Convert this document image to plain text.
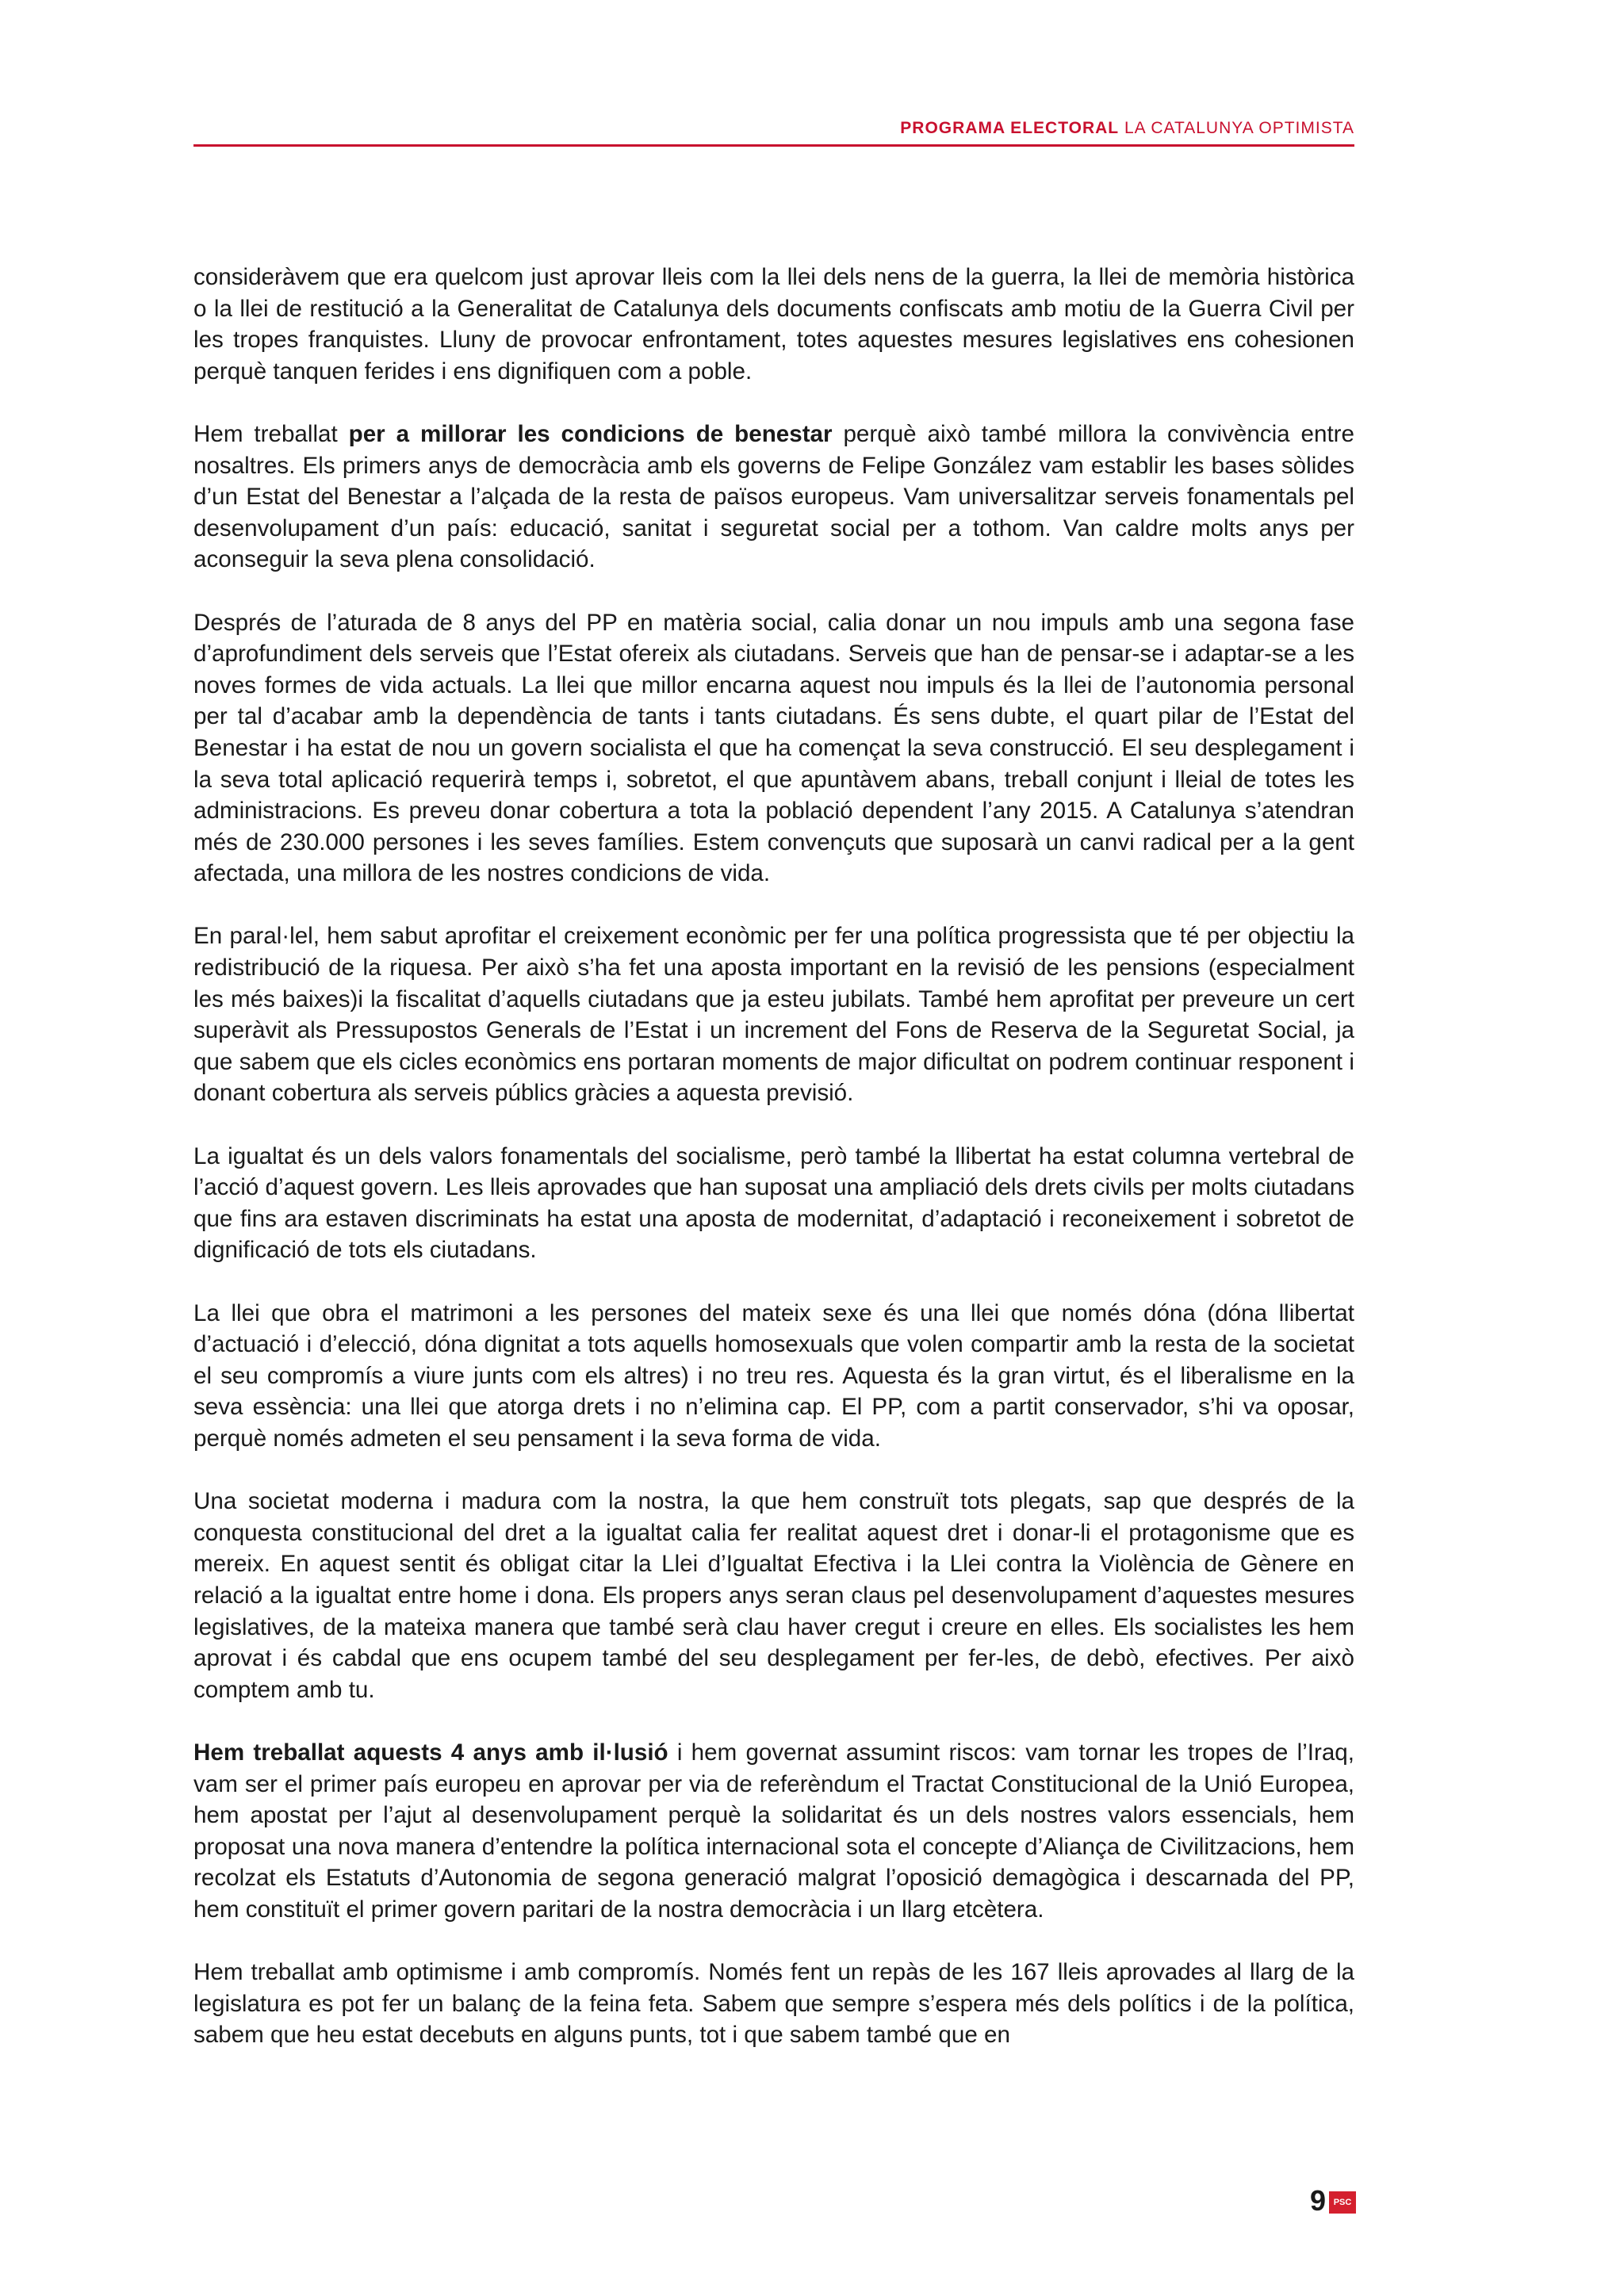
PROGRAMA ELECTORAL LA CATALUNYA OPTIMISTA

consideràvem que era quelcom just aprovar lleis com la llei dels nens de la guerra, la llei de memòria històrica o la llei de restitució a la Generalitat de Catalunya dels documents confiscats amb motiu de la Guerra Civil per les tropes franquistes. Lluny de provocar enfrontament, totes aquestes mesures legislatives ens cohesionen perquè tanquen ferides i ens dignifiquen com a poble.

Hem treballat per a millorar les condicions de benestar perquè això també millora la convivència entre nosaltres. Els primers anys de democràcia amb els governs de Felipe González vam establir les bases sòlides d’un Estat del Benestar a l’alçada de la resta de països europeus. Vam universalitzar serveis fonamentals pel desenvolupament d’un país: educació, sanitat i seguretat social per a tothom. Van caldre molts anys per aconseguir la seva plena consolidació.

Després de l’aturada de 8 anys del PP en matèria social, calia donar un nou impuls amb una segona fase d’aprofundiment dels serveis que l’Estat ofereix als ciutadans. Serveis que han de pensar-se i adaptar-se a les noves formes de vida actuals. La llei que millor encarna aquest nou impuls és la llei de l’autonomia personal per tal d’acabar amb la dependència de tants i tants ciutadans. És sens dubte, el quart pilar de l’Estat del Benestar i ha estat de nou un govern socialista el que ha començat la seva construcció. El seu desplegament i la seva total aplicació requerirà temps i, sobretot, el que apuntàvem abans, treball conjunt i lleial de totes les administracions. Es preveu donar cobertura a tota la població dependent l’any 2015. A Catalunya s’atendran més de 230.000 persones i les seves famílies. Estem convençuts que suposarà un canvi radical per a la gent afectada, una millora de les nostres condicions de vida.

En paral·lel, hem sabut aprofitar el creixement econòmic per fer una política progressista que té per objectiu la redistribució de la riquesa. Per això s’ha fet una aposta important en la revisió de les pensions (especialment les més baixes)i la fiscalitat d’aquells ciutadans que ja esteu jubilats. També hem aprofitat per preveure un cert superàvit als Pressupostos Generals de l’Estat i un increment del Fons de Reserva de la Seguretat Social, ja que sabem que els cicles econòmics ens portaran moments de major dificultat on podrem continuar responent i donant cobertura als serveis públics gràcies a aquesta previsió.

La igualtat és un dels valors fonamentals del socialisme, però també la llibertat ha estat columna vertebral de l’acció d’aquest govern. Les lleis aprovades que han suposat una ampliació dels drets civils per molts ciutadans que fins ara estaven discriminats ha estat una aposta de modernitat, d’adaptació i reconeixement i sobretot de dignificació de tots els ciutadans.

La llei que obra el matrimoni a les persones del mateix sexe és una llei que només dóna (dóna llibertat d’actuació i d’elecció, dóna dignitat a tots aquells homosexuals que volen compartir amb la resta de la societat el seu compromís a viure junts com els altres) i no treu res. Aquesta és la gran virtut, és el liberalisme en la seva essència: una llei que atorga drets i no n’elimina cap. El PP, com a partit conservador, s’hi va oposar, perquè només admeten el seu pensament i la seva forma de vida.

Una societat moderna i madura com la nostra, la que hem construït tots plegats, sap que després de la conquesta constitucional del dret a la igualtat calia fer realitat aquest dret i donar-li el protagonisme que es mereix. En aquest sentit és obligat citar la Llei d’Igualtat Efectiva i la Llei contra la Violència de Gènere en relació a la igualtat entre home i dona. Els propers anys seran claus pel desenvolupament d’aquestes mesures legislatives, de la mateixa manera que també serà clau haver cregut i creure en elles. Els socialistes les hem aprovat i és cabdal que ens ocupem també del seu desplegament per fer-les, de debò, efectives. Per això comptem amb tu.

Hem treballat aquests 4 anys amb il·lusió i hem governat assumint riscos: vam tornar les tropes de l’Iraq, vam ser el primer país europeu en aprovar per via de referèndum el Tractat Constitucional de la Unió Europea, hem apostat per l’ajut al desenvolupament perquè la solidaritat és un dels nostres valors essencials, hem proposat una nova manera d’entendre la política internacional sota el concepte d’Aliança de Civilitzacions, hem recolzat els Estatuts d’Autonomia de segona generació malgrat l’oposició demagògica i descarnada del PP, hem constituït el primer govern paritari de la nostra democràcia i un llarg etcètera.

Hem treballat amb optimisme i amb compromís. Només fent un repàs de les 167 lleis aprovades al llarg de la legislatura es pot fer un balanç de la feina feta. Sabem que sempre s’espera més dels polítics i de la política, sabem que heu estat decebuts en alguns punts, tot i que sabem també que en

9 PSC
